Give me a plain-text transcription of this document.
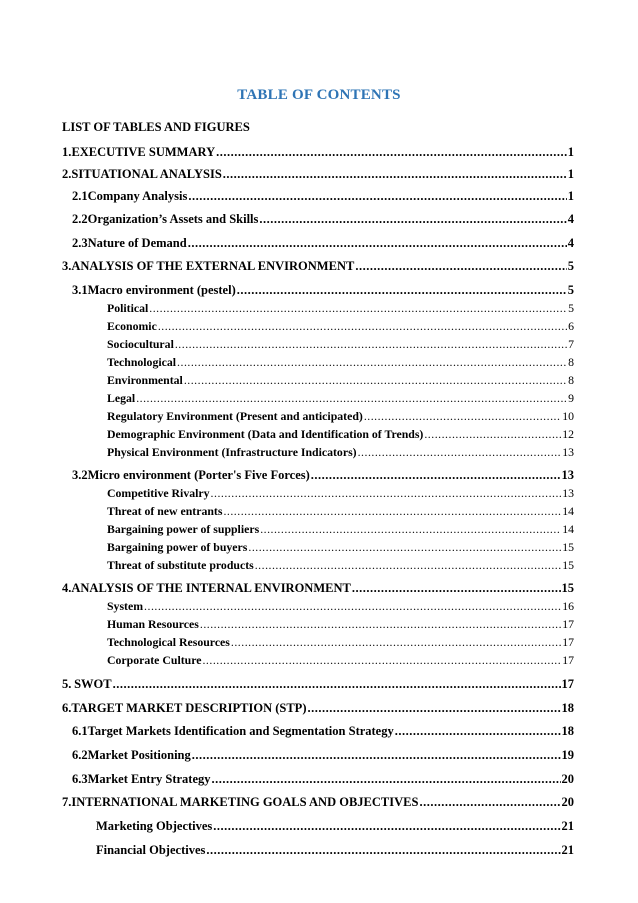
TABLE OF CONTENTS
LIST OF TABLES AND FIGURES
1. EXECUTIVE SUMMARY .....	1
2. SITUATIONAL ANALYSIS .....	1
2.1 Company Analysis .....	1
2.2 Organization’s Assets and Skills .....	4
2.3 Nature of Demand .....	4
3. ANALYSIS OF THE EXTERNAL ENVIRONMENT .....	5
3.1 Macro environment (pestel) .....	5
Political .....	5
Economic .....	6
Sociocultural .....	7
Technological .....	8
Environmental .....	8
Legal .....	9
Regulatory Environment (Present and anticipated) .....	10
Demographic Environment (Data and Identification of Trends) .....	12
Physical Environment (Infrastructure Indicators) .....	13
3.2 Micro environment (Porter's Five Forces) .....	13
Competitive Rivalry .....	13
Threat of new entrants .....	14
Bargaining power of suppliers .....	14
Bargaining power of buyers .....	15
Threat of substitute products .....	15
4. ANALYSIS OF THE INTERNAL ENVIRONMENT .....	15
System .....	16
Human Resources .....	17
Technological Resources .....	17
Corporate Culture .....	17
5. SWOT .....	17
6. TARGET MARKET DESCRIPTION (STP) .....	18
6.1 Target Markets Identification and Segmentation Strategy .....	18
6.2 Market Positioning .....	19
6.3 Market Entry Strategy .....	20
7. INTERNATIONAL MARKETING GOALS AND OBJECTIVES .....	20
Marketing Objectives .....	21
Financial Objectives .....	21
